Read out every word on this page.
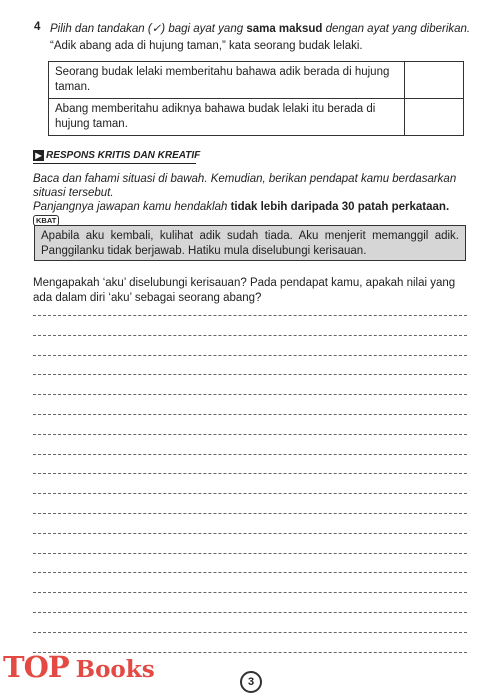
4 Pilih dan tandakan (✓) bagi ayat yang sama maksud dengan ayat yang diberikan.
“Adik abang ada di hujung taman,” kata seorang budak lelaki.
Seorang budak lelaki memberitahu bahawa adik berada di hujung taman.	
Abang memberitahu adiknya bahawa budak lelaki itu berada di hujung taman.	
▶ RESPONS KRITIS DAN KREATIF
Baca dan fahami situasi di bawah. Kemudian, berikan pendapat kamu berdasarkan situasi tersebut.
Panjangnya jawapan kamu hendaklah tidak lebih daripada 30 patah perkataan. KBAT
Apabila aku kembali, kulihat adik sudah tiada. Aku menjerit memanggil adik. Panggilanku tidak berjawab. Hatiku mula diselubungi kerisauan.
Mengapakah ‘aku’ diselubungi kerisauan? Pada pendapat kamu, apakah nilai yang ada dalam diri ‘aku’ sebagai seorang abang?
TOP Books	3
